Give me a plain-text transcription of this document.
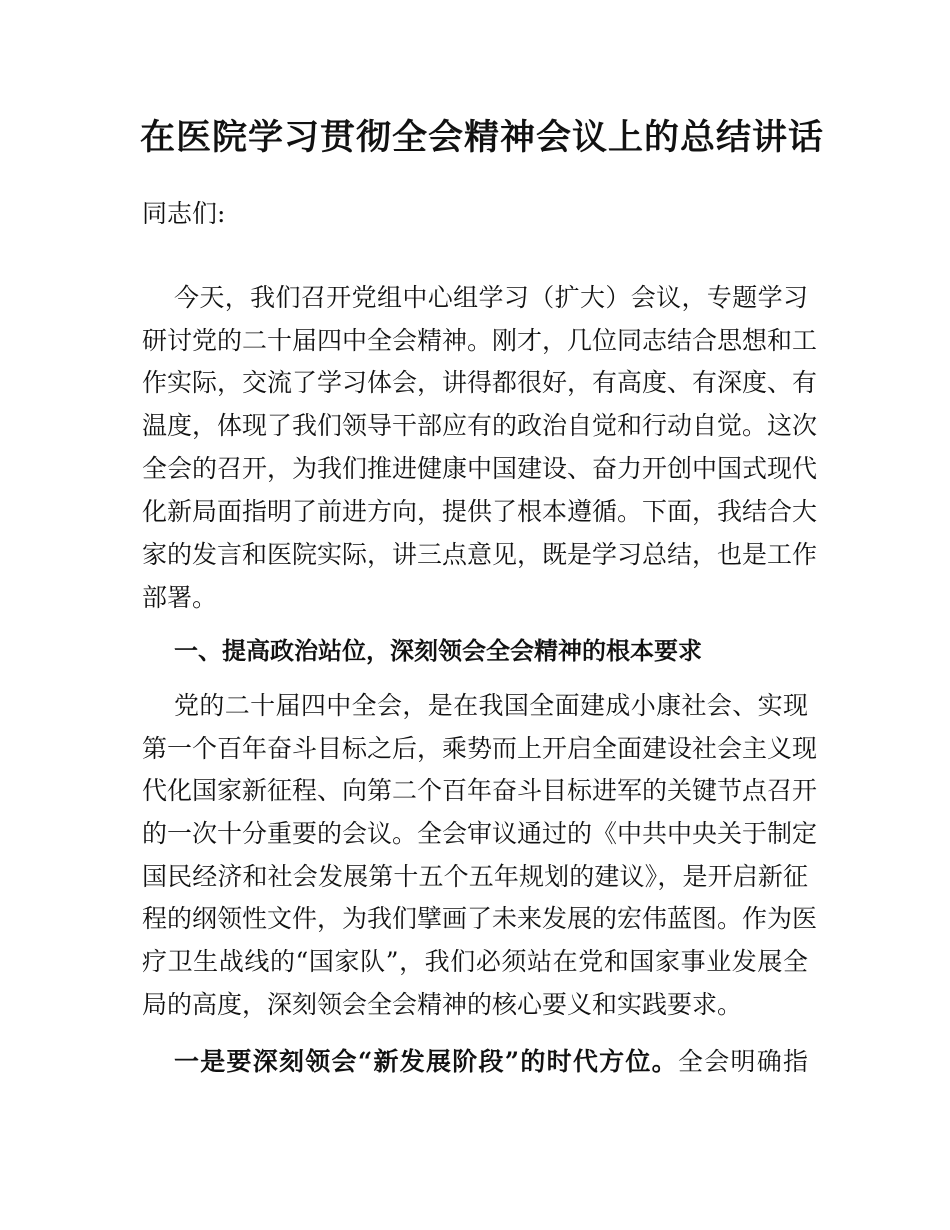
在医院学习贯彻全会精神会议上的总结讲话
同志们:
今天，我们召开党组中心组学习（扩大）会议，专题学习
研讨党的二十届四中全会精神。刚才，几位同志结合思想和工
作实际，交流了学习体会，讲得都很好，有高度、有深度、有
温度，体现了我们领导干部应有的政治自觉和行动自觉。这次
全会的召开，为我们推进健康中国建设、奋力开创中国式现代
化新局面指明了前进方向，提供了根本遵循。下面，我结合大
家的发言和医院实际，讲三点意见，既是学习总结，也是工作
部署。
一、提高政治站位，深刻领会全会精神的根本要求
党的二十届四中全会，是在我国全面建成小康社会、实现
第一个百年奋斗目标之后，乘势而上开启全面建设社会主义现
代化国家新征程、向第二个百年奋斗目标进军的关键节点召开
的一次十分重要的会议。全会审议通过的《中共中央关于制定
国民经济和社会发展第十五个五年规划的建议》，是开启新征
程的纲领性文件，为我们擘画了未来发展的宏伟蓝图。作为医
疗卫生战线的“国家队”，我们必须站在党和国家事业发展全
局的高度，深刻领会全会精神的核心要义和实践要求。
一是要深刻领会“新发展阶段”的时代方位。全会明确指
